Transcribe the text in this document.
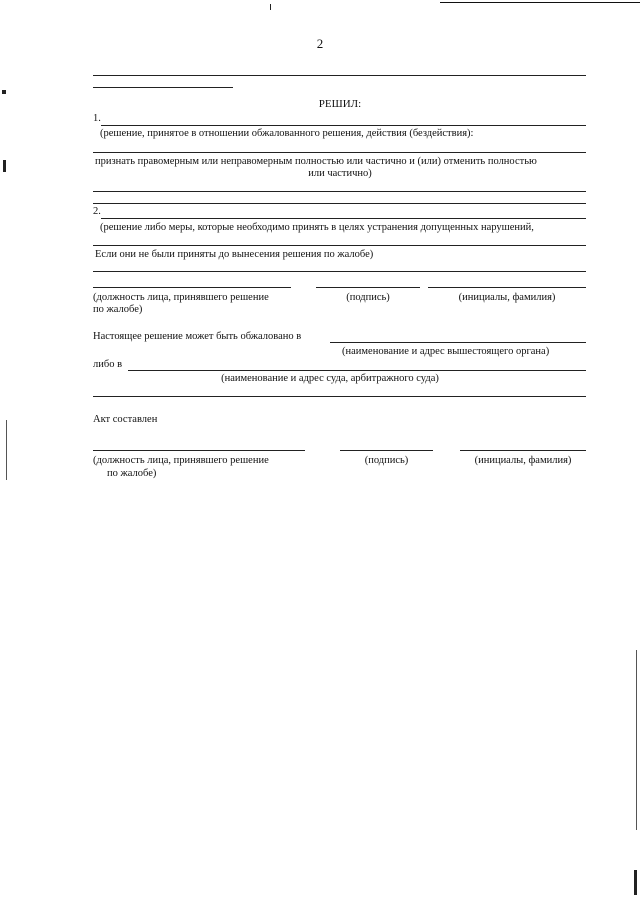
2
РЕШИЛ:
1.
(решение, принятое в отношении обжалованного решения, действия (бездействия):
признать правомерным или неправомерным полностью или частично и (или) отменить полностью
или частично)
2.
(решение либо меры, которые необходимо принять в целях устранения допущенных нарушений,
Если они не были приняты до вынесения решения по жалобе)
(должность лица, принявшего решение
по жалобе)
(подпись)	(инициалы, фамилия)
Настоящее решение может быть обжаловано в
(наименование и адрес вышестоящего органа)
либо в
(наименование и адрес суда, арбитражного суда)
Акт составлен
(должность лица, принявшего решение
по жалобе)
(подпись)	(инициалы, фамилия)
